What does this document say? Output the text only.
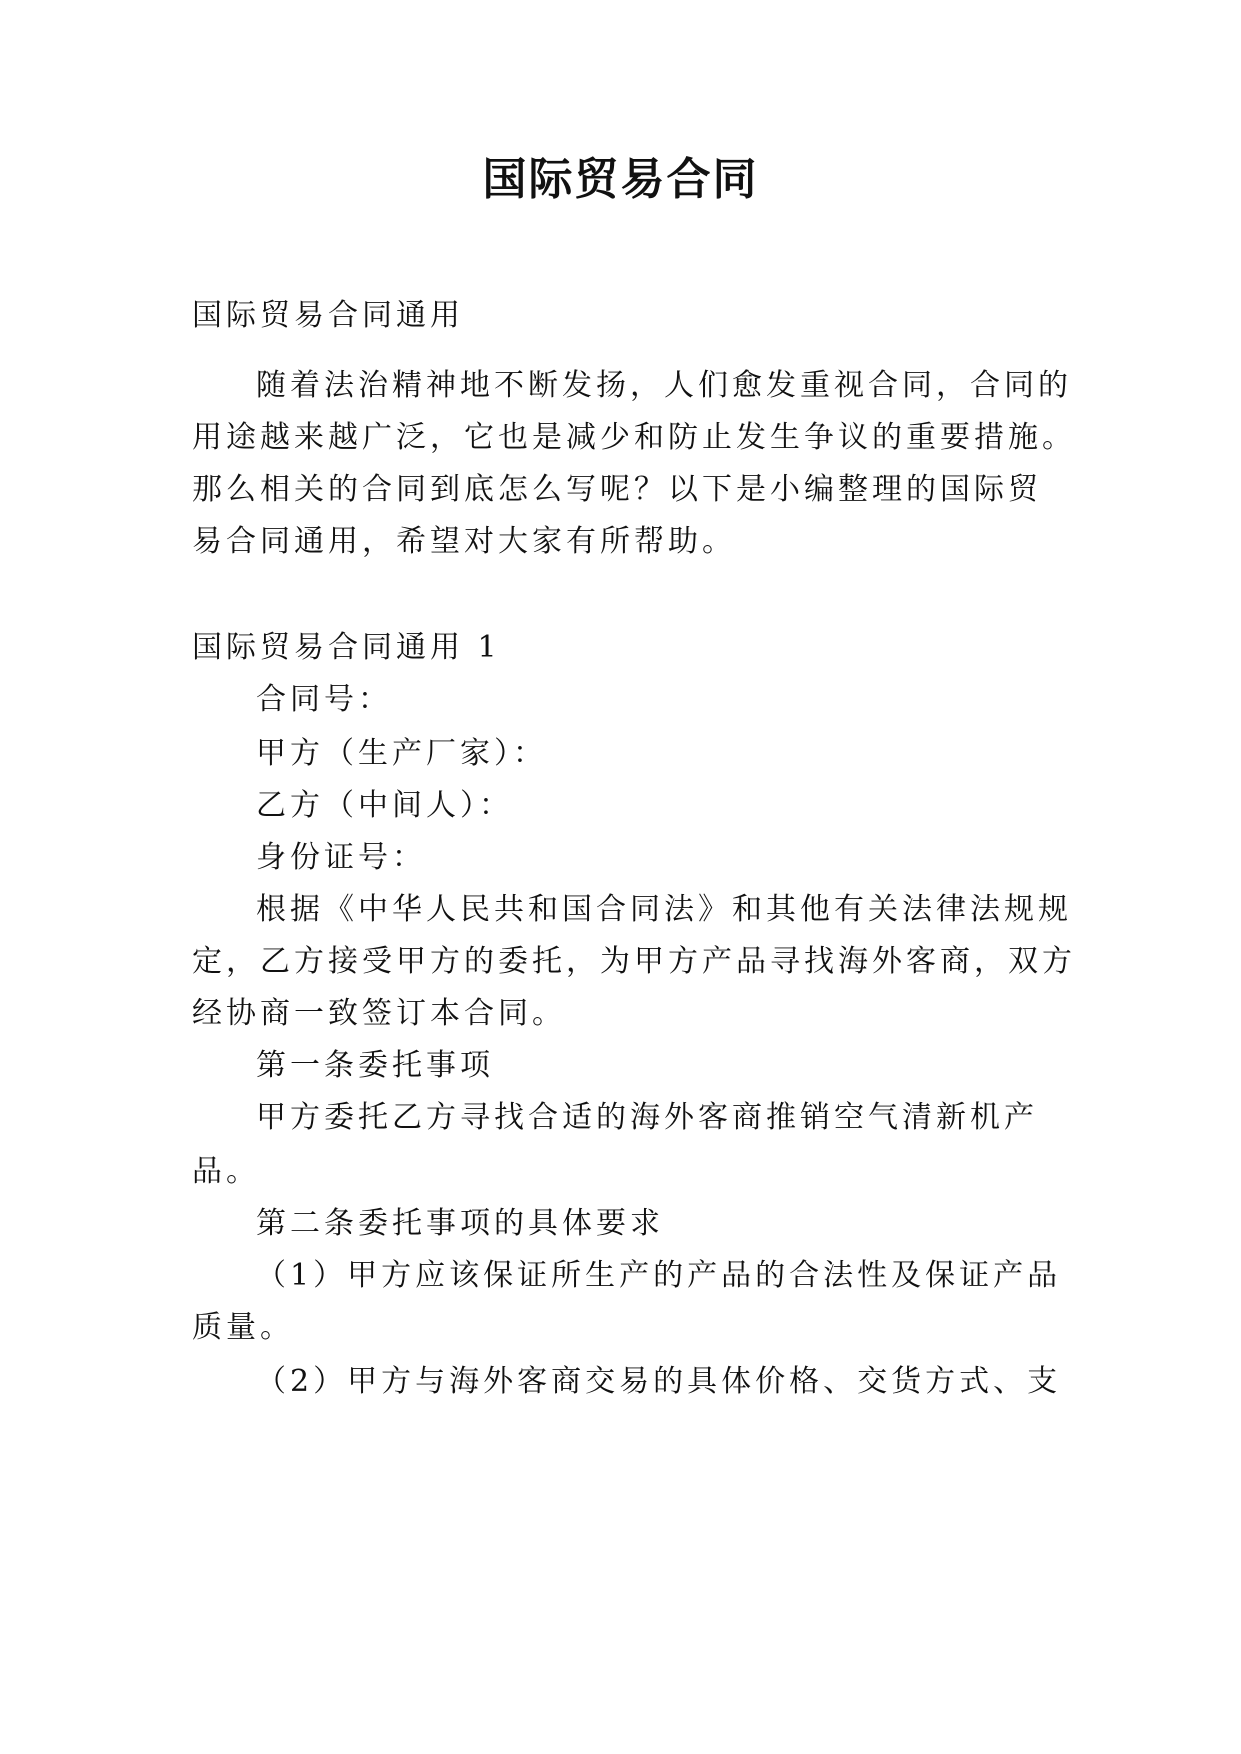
国际贸易合同
国际贸易合同通用
随着法治精神地不断发扬，人们愈发重视合同，合同的
用途越来越广泛，它也是减少和防止发生争议的重要措施。
那么相关的合同到底怎么写呢？以下是小编整理的国际贸
易合同通用，希望对大家有所帮助。
国际贸易合同通用 1
合同号：
甲方（生产厂家）：
乙方（中间人）：
身份证号：
根据《中华人民共和国合同法》和其他有关法律法规规
定，乙方接受甲方的委托，为甲方产品寻找海外客商，双方
经协商一致签订本合同。
第一条委托事项
甲方委托乙方寻找合适的海外客商推销空气清新机产
品。
第二条委托事项的具体要求
（1）甲方应该保证所生产的产品的合法性及保证产品
质量。
（2）甲方与海外客商交易的具体价格、交货方式、支
